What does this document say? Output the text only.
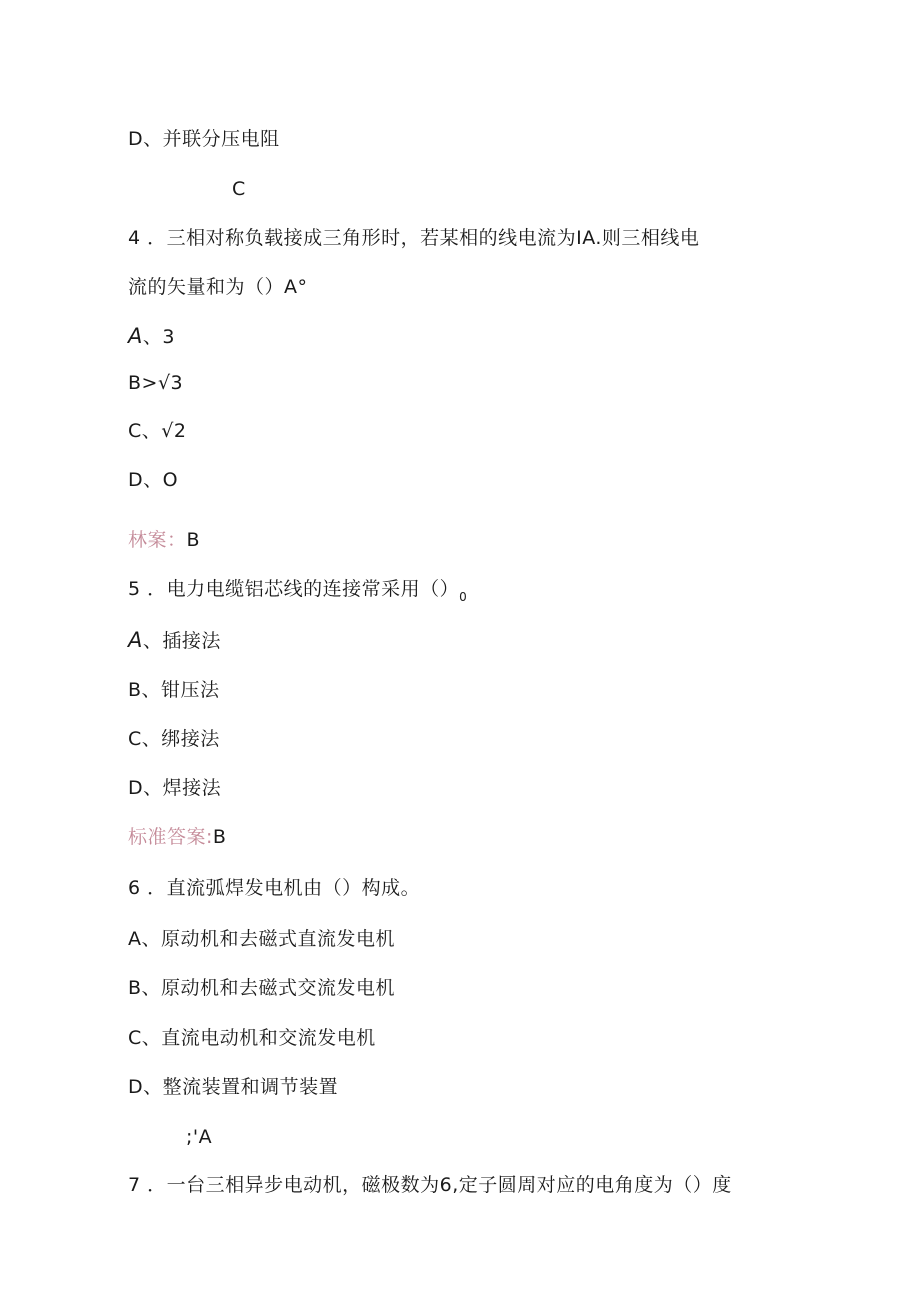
D、并联分压电阻
C
4 ．三相对称负载接成三角形时，若某相的线电流为IA.则三相线电
流的矢量和为（）A°
A、3
B>√3
C、√2
D、O
林案：B
5 ．电力电缆铝芯线的连接常采用$()_0$
A、插接法
B、钳压法
C、绑接法
D、焊接法
标准答案:B
6 ．直流弧焊发电机由（）构成。
A、原动机和去磁式直流发电机
B、原动机和去磁式交流发电机
C、直流电动机和交流发电机
D、整流装置和调节装置
;'A
7 ．一台三相异步电动机，磁极数为6,定子圆周对应的电角度为（）度
